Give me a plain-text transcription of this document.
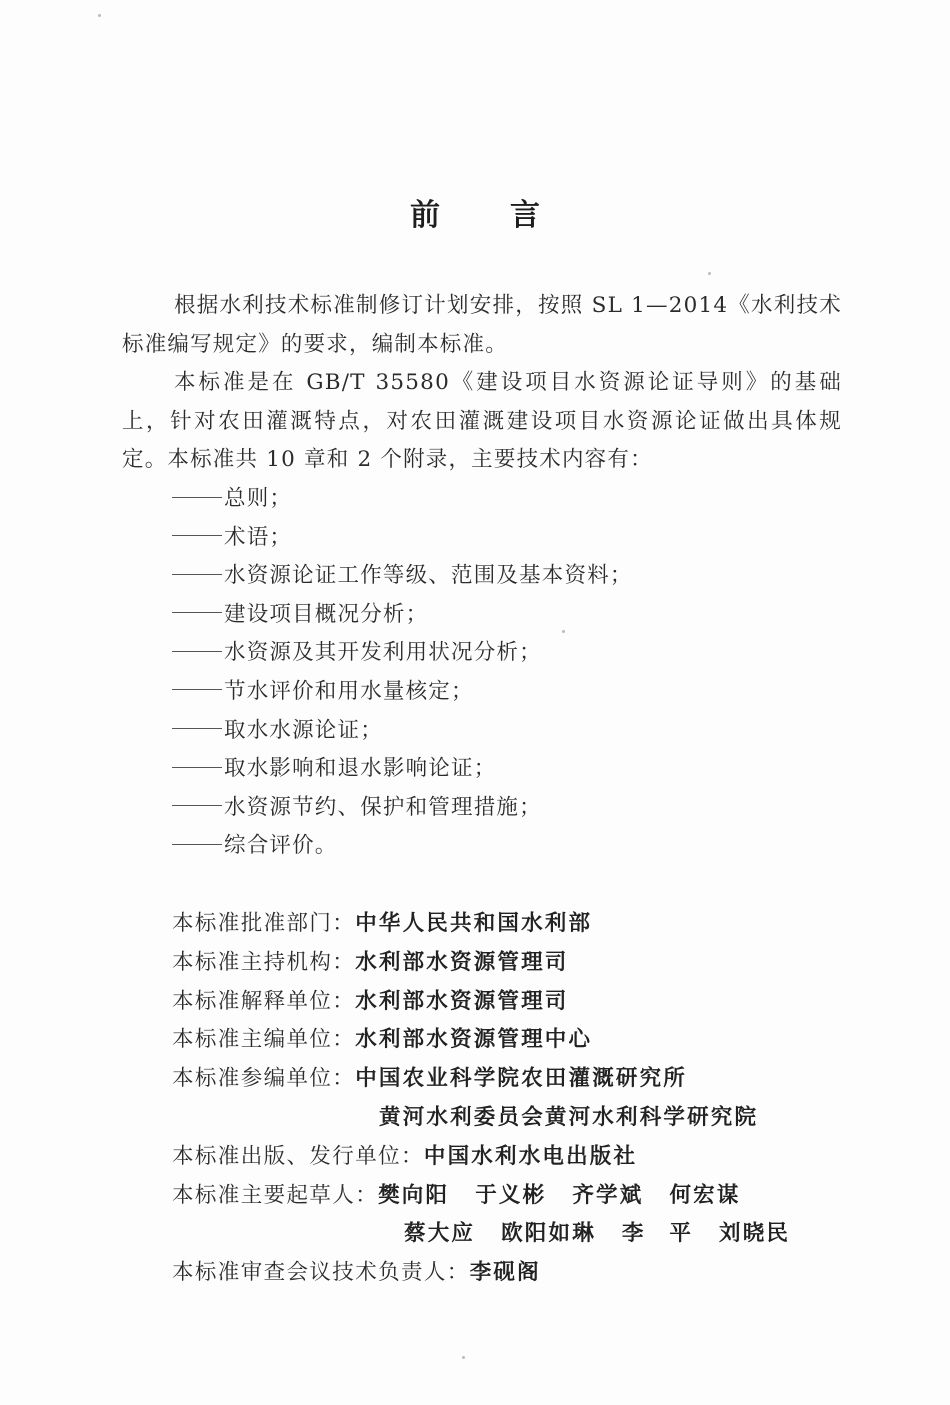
前 言

根据水利技术标准制修订计划安排，按照 SL 1—2014《水利技术标准编写规定》的要求，编制本标准。

本标准是在 GB/T 35580《建设项目水资源论证导则》的基础上，针对农田灌溉特点，对农田灌溉建设项目水资源论证做出具体规定。本标准共 10 章和 2 个附录，主要技术内容有：

总则；
术语；
水资源论证工作等级、范围及基本资料；
建设项目概况分析；
水资源及其开发利用状况分析；
节水评价和用水量核定；
取水水源论证；
取水影响和退水影响论证；
水资源节约、保护和管理措施；
综合评价。
本标准批准部门：中华人民共和国水利部
本标准主持机构：水利部水资源管理司
本标准解释单位：水利部水资源管理司
本标准主编单位：水利部水资源管理中心
本标准参编单位：中国农业科学院农田灌溉研究所
黄河水利委员会黄河水利科学研究院
本标准出版、发行单位：中国水利水电出版社
本标准主要起草人：樊向阳 于义彬 齐学斌 何宏谋
蔡大应 欧阳如琳 李　平 刘晓民
本标准审查会议技术负责人：李砚阁
